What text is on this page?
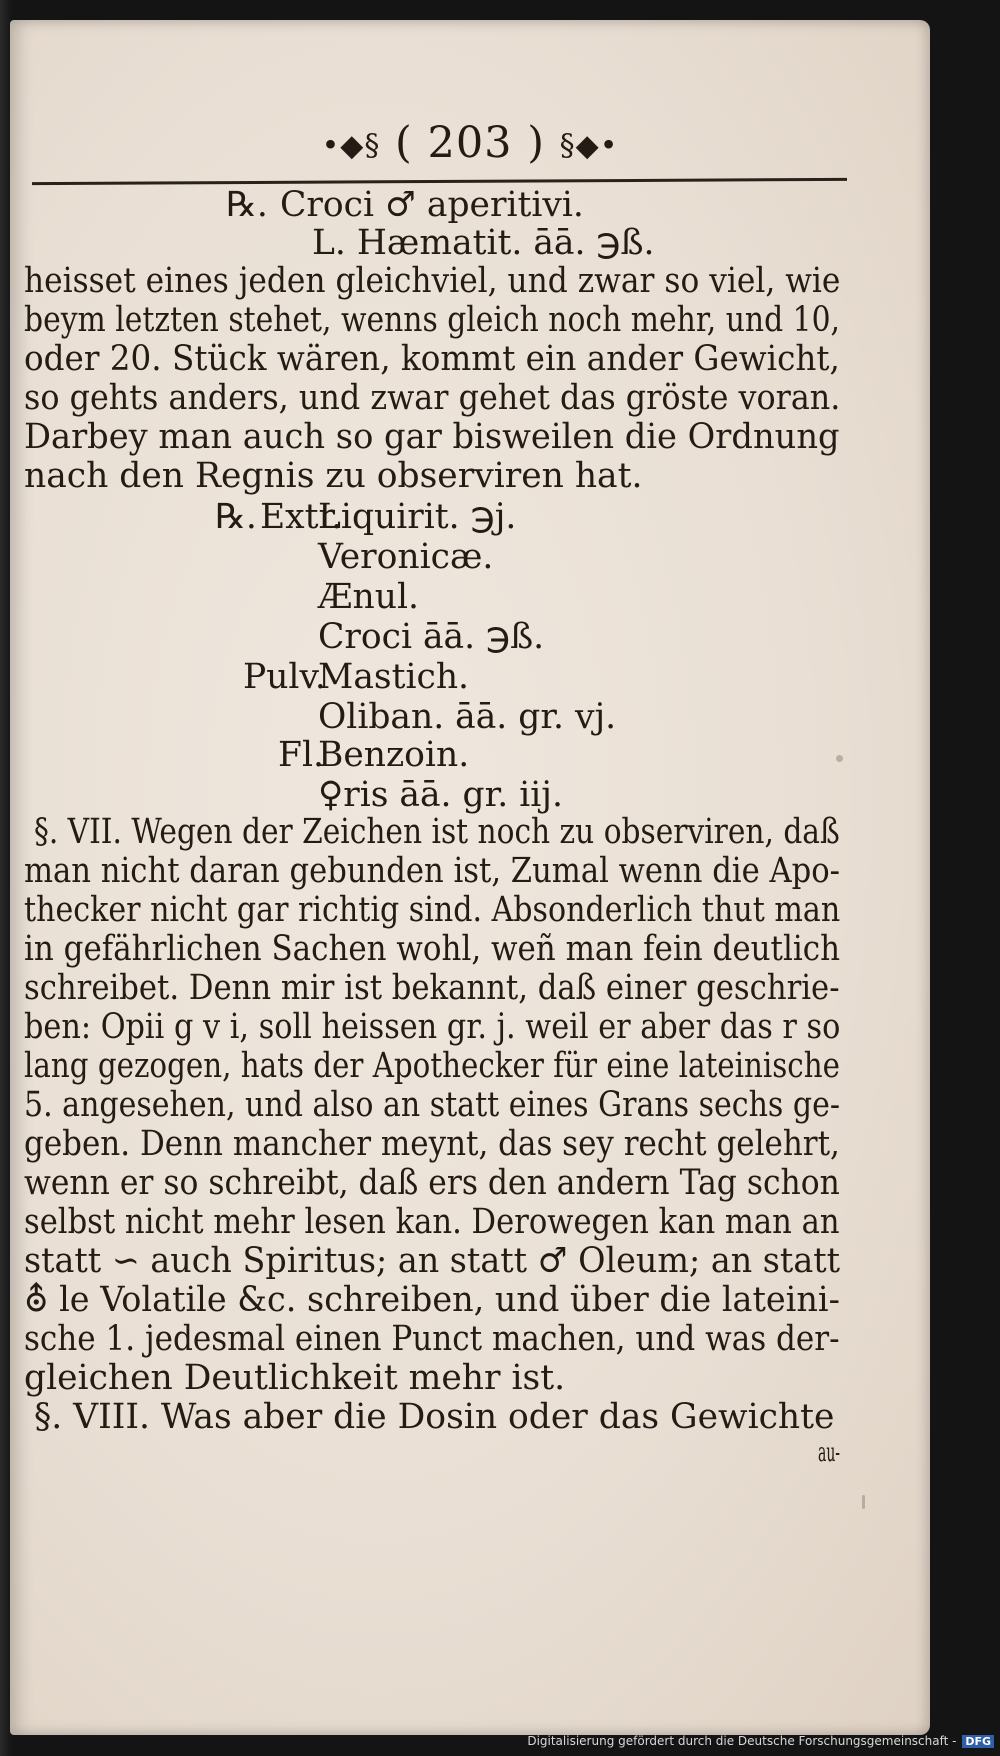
•◆§ ( 203 ) §◆•
℞. Croci ♂ aperitivi.
L. Hæmatit. āā. ℈ß.
heisset eines jeden gleichviel, und zwar so viel, wie
beym letzten stehet, wenns gleich noch mehr, und 10,
oder 20. Stück wären, kommt ein ander Gewicht,
so gehts anders, und zwar gehet das gröste voran.
Darbey man auch so gar bisweilen die Ordnung
nach den Regnis zu observiren hat.
℞. Extr.
Liquirit. ℈j.
Veronicæ.
Ænul.
Croci āā. ℈ß.
Pulv.
Mastich.
Oliban. āā. gr. vj.
Fl.
Benzoin.
♀ris āā. gr. iij.
§. VII. Wegen der Zeichen ist noch zu observiren, daß
man nicht daran gebunden ist, Zumal wenn die Apo-
thecker nicht gar richtig sind. Absonderlich thut man
in gefährlichen Sachen wohl, weñ man fein deutlich
schreibet. Denn mir ist bekannt, daß einer geschrie-
ben: Opii g v i, soll heissen gr. j. weil er aber das r so
lang gezogen, hats der Apothecker für eine lateinische
5. angesehen, und also an statt eines Grans sechs ge-
geben. Denn mancher meynt, das sey recht gelehrt,
wenn er so schreibt, daß ers den andern Tag schon
selbst nicht mehr lesen kan. Derowegen kan man an
statt ∽ auch Spiritus; an statt ♂ Oleum; an statt
⛢ le Volatile &c. schreiben, und über die lateini-
sche 1. jedesmal einen Punct machen, und was der-
gleichen Deutlichkeit mehr ist.
§. VIII. Was aber die Dosin oder das Gewichte
au-
Digitalisierung gefördert durch die Deutsche Forschungsgemeinschaft - DFG
